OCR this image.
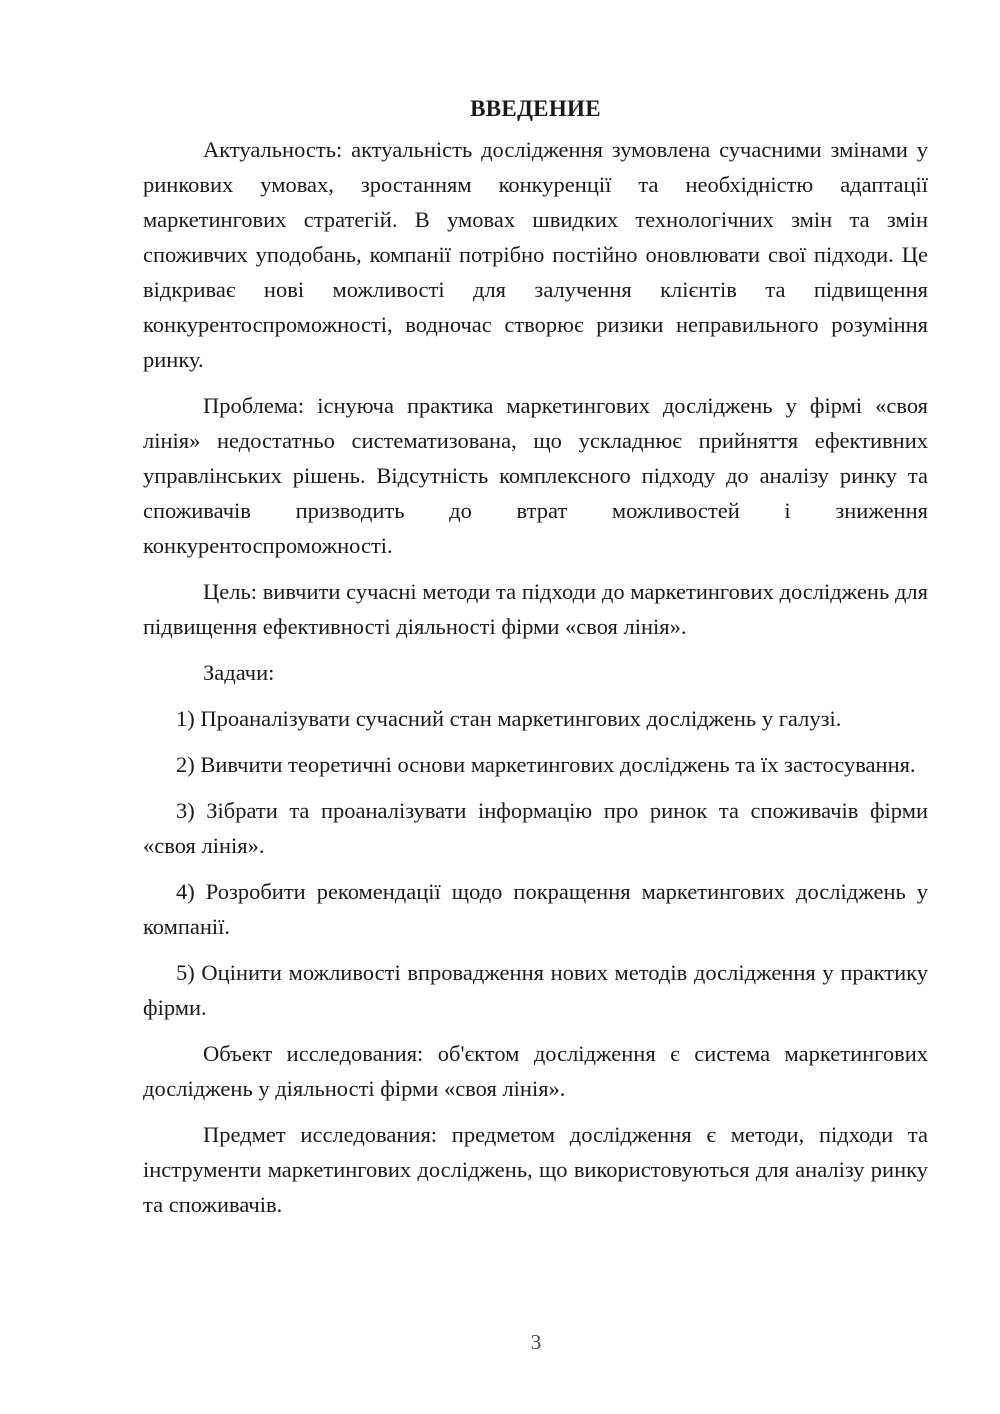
ВВЕДЕНИЕ

Актуальность: актуальність дослідження зумовлена сучасними змінами у ринкових умовах, зростанням конкуренції та необхідністю адаптації маркетингових стратегій. В умовах швидких технологічних змін та змін споживчих уподобань, компанії потрібно постійно оновлювати свої підходи. Це відкриває нові можливості для залучення клієнтів та підвищення конкурентоспроможності, водночас створює ризики неправильного розуміння ринку.

Проблема: існуюча практика маркетингових досліджень у фірмі «своя лінія» недостатньо систематизована, що ускладнює прийняття ефективних управлінських рішень. Відсутність комплексного підходу до аналізу ринку та споживачів призводить до втрат можливостей і зниження конкурентоспроможності.

Цель: вивчити сучасні методи та підходи до маркетингових досліджень для підвищення ефективності діяльності фірми «своя лінія».

Задачи:

1) Проаналізувати сучасний стан маркетингових досліджень у галузі.

2) Вивчити теоретичні основи маркетингових досліджень та їх застосування.

3) Зібрати та проаналізувати інформацію про ринок та споживачів фірми «своя лінія».

4) Розробити рекомендації щодо покращення маркетингових досліджень у компанії.

5) Оцінити можливості впровадження нових методів дослідження у практику фірми.

Объект исследования: об'єктом дослідження є система маркетингових досліджень у діяльності фірми «своя лінія».

Предмет исследования: предметом дослідження є методи, підходи та інструменти маркетингових досліджень, що використовуються для аналізу ринку та споживачів.

3
